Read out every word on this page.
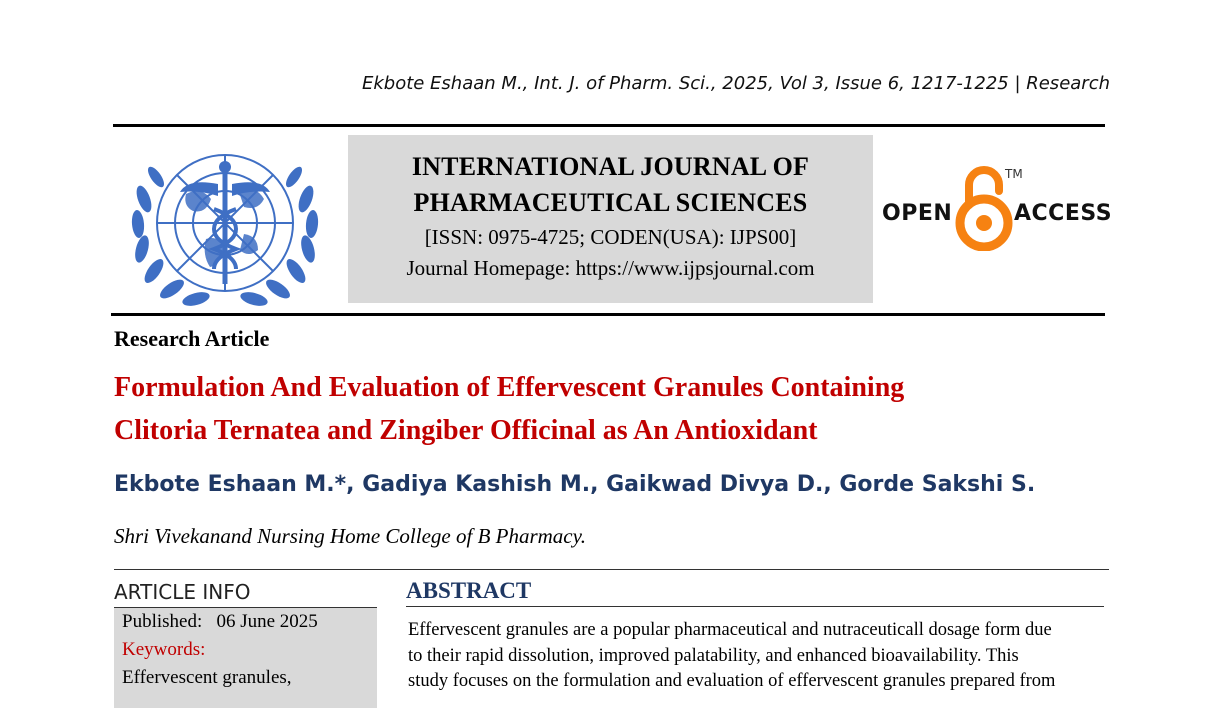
Ekbote Eshaan M., Int. J. of Pharm. Sci., 2025, Vol 3, Issue 6, 1217-1225 | Research
INTERNATIONAL JOURNAL OF
PHARMACEUTICAL SCIENCES
[ISSN: 0975-4725; CODEN(USA): IJPS00]
Journal Homepage: https://www.ijpsjournal.com
OPEN
TM
ACCESS
Research Article
Formulation And Evaluation of Effervescent Granules Containing
Clitoria Ternatea and Zingiber Officinal as An Antioxidant
Ekbote Eshaan M.*, Gadiya Kashish M., Gaikwad Divya D., Gorde Sakshi S.
Shri Vivekanand Nursing Home College of B Pharmacy.
ARTICLE INFO
Published: 06 June 2025
Keywords:
Effervescent granules,
ABSTRACT
Effervescent granules are a popular pharmaceutical and nutraceuticall dosage form due
to their rapid dissolution, improved palatability, and enhanced bioavailability. This
study focuses on the formulation and evaluation of effervescent granules prepared from
